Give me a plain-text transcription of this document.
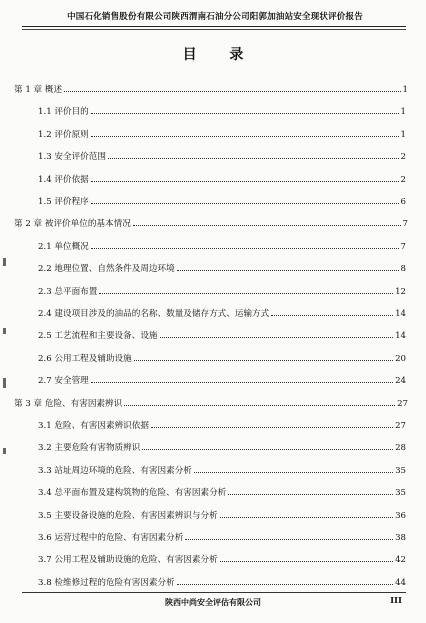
中国石化销售股份有限公司陕西渭南石油分公司阳郭加油站安全现状评价报告
目 录
第 1 章 概述	1
1.1 评价目的	1
1.2 评价原则	1
1.3 安全评价范围	2
1.4 评价依据	2
1.5 评价程序	6
第 2 章 被评价单位的基本情况	7
2.1 单位概况	7
2.2 地理位置、自然条件及周边环境	8
2.3 总平面布置	12
2.4 建设项目涉及的油品的名称、数量及储存方式、运输方式	14
2.5 工艺流程和主要设备、设施	14
2.6 公用工程及辅助设施	20
2.7 安全管理	24
第 3 章 危险、有害因素辨识	27
3.1 危险、有害因素辨识依据	27
3.2 主要危险有害物质辨识	28
3.3 站址周边环境的危险、有害因素分析	35
3.4 总平面布置及建构筑物的危险、有害因素分析	35
3.5 主要设备设施的危险、有害因素辨识与分析	36
3.6 运营过程中的危险、有害因素分析	38
3.7 公用工程及辅助设施的危险、有害因素分析	42
3.8 检维修过程的危险有害因素分析	44
陕西中尚安全评估有限公司	III
